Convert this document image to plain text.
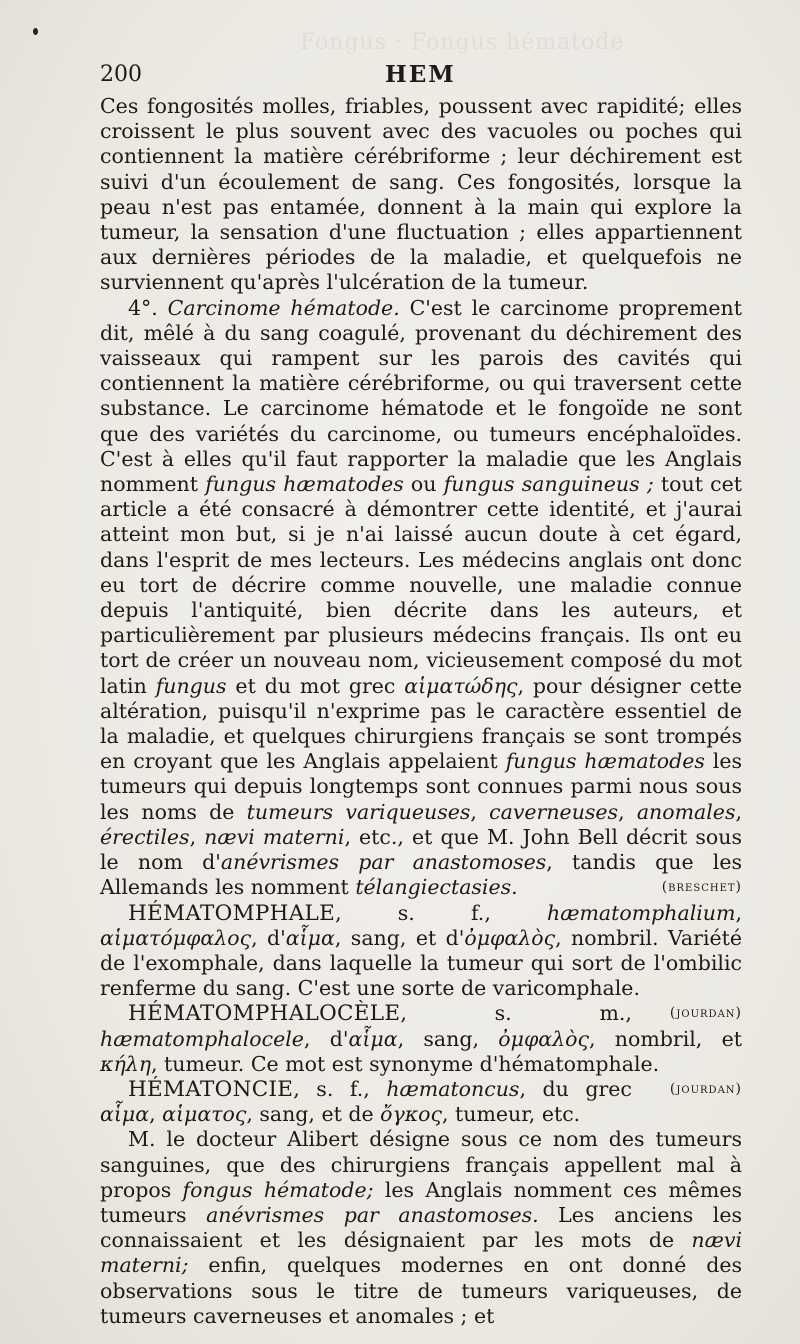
Fongus · Fongus hématode
200	HEM

Ces fongosités molles, friables, poussent avec rapidité; elles croissent le plus souvent avec des vacuoles ou poches qui contiennent la matière cérébriforme ; leur déchirement est suivi d'un écoulement de sang. Ces fongosités, lorsque la peau n'est pas entamée, donnent à la main qui explore la tumeur, la sensation d'une fluctuation ; elles appartiennent aux dernières périodes de la maladie, et quelquefois ne surviennent qu'après l'ulcération de la tumeur.

4°. Carcinome hématode. C'est le carcinome proprement dit, mêlé à du sang coagulé, provenant du déchirement des vaisseaux qui rampent sur les parois des cavités qui contiennent la matière cérébriforme, ou qui traversent cette substance. Le carcinome hématode et le fongoïde ne sont que des variétés du carcinome, ou tumeurs encéphaloïdes. C'est à elles qu'il faut rapporter la maladie que les Anglais nomment fungus hæmatodes ou fungus sanguineus ; tout cet article a été consacré à démontrer cette identité, et j'aurai atteint mon but, si je n'ai laissé aucun doute à cet égard, dans l'esprit de mes lecteurs. Les médecins anglais ont donc eu tort de décrire comme nouvelle, une maladie connue depuis l'antiquité, bien décrite dans les auteurs, et particulièrement par plusieurs médecins français. Ils ont eu tort de créer un nouveau nom, vicieusement composé du mot latin fungus et du mot grec αἱματώδης, pour désigner cette altération, puisqu'il n'exprime pas le caractère essentiel de la maladie, et quelques chirurgiens français se sont trompés en croyant que les Anglais appelaient fungus hæmatodes les tumeurs qui depuis longtemps sont connues parmi nous sous les noms de tumeurs variqueuses, caverneuses, anomales, érectiles, nævi materni, etc., et que M. John Bell décrit sous le nom d'anévrismes par anastomoses, tandis que les Allemands les nomment télangiectasies.	(breschet)

HÉMATOMPHALE, s. f., hæmatomphalium, αἱματόμφαλος, d'αἷμα, sang, et d'ὀμφαλὸς, nombril. Variété de l'exomphale, dans laquelle la tumeur qui sort de l'ombilic renferme du sang. C'est une sorte de varicomphale.
(jourdan)

HÉMATOMPHALOCÈLE, s. m., hæmatomphalocele, d'αἷμα, sang, ὀμφαλὸς, nombril, et κήλη, tumeur. Ce mot est synonyme d'hématomphale.
(jourdan)

HÉMATONCIE, s. f., hæmatoncus, du grec αἷμα, αἱματος, sang, et de ὄγκος, tumeur, etc.

M. le docteur Alibert désigne sous ce nom des tumeurs sanguines, que des chirurgiens français appellent mal à propos fongus hématode; les Anglais nomment ces mêmes tumeurs anévrismes par anastomoses. Les anciens les connaissaient et les désignaient par les mots de nævi materni; enfin, quelques modernes en ont donné des observations sous le titre de tumeurs variqueuses, de tumeurs caverneuses et anomales ; et
